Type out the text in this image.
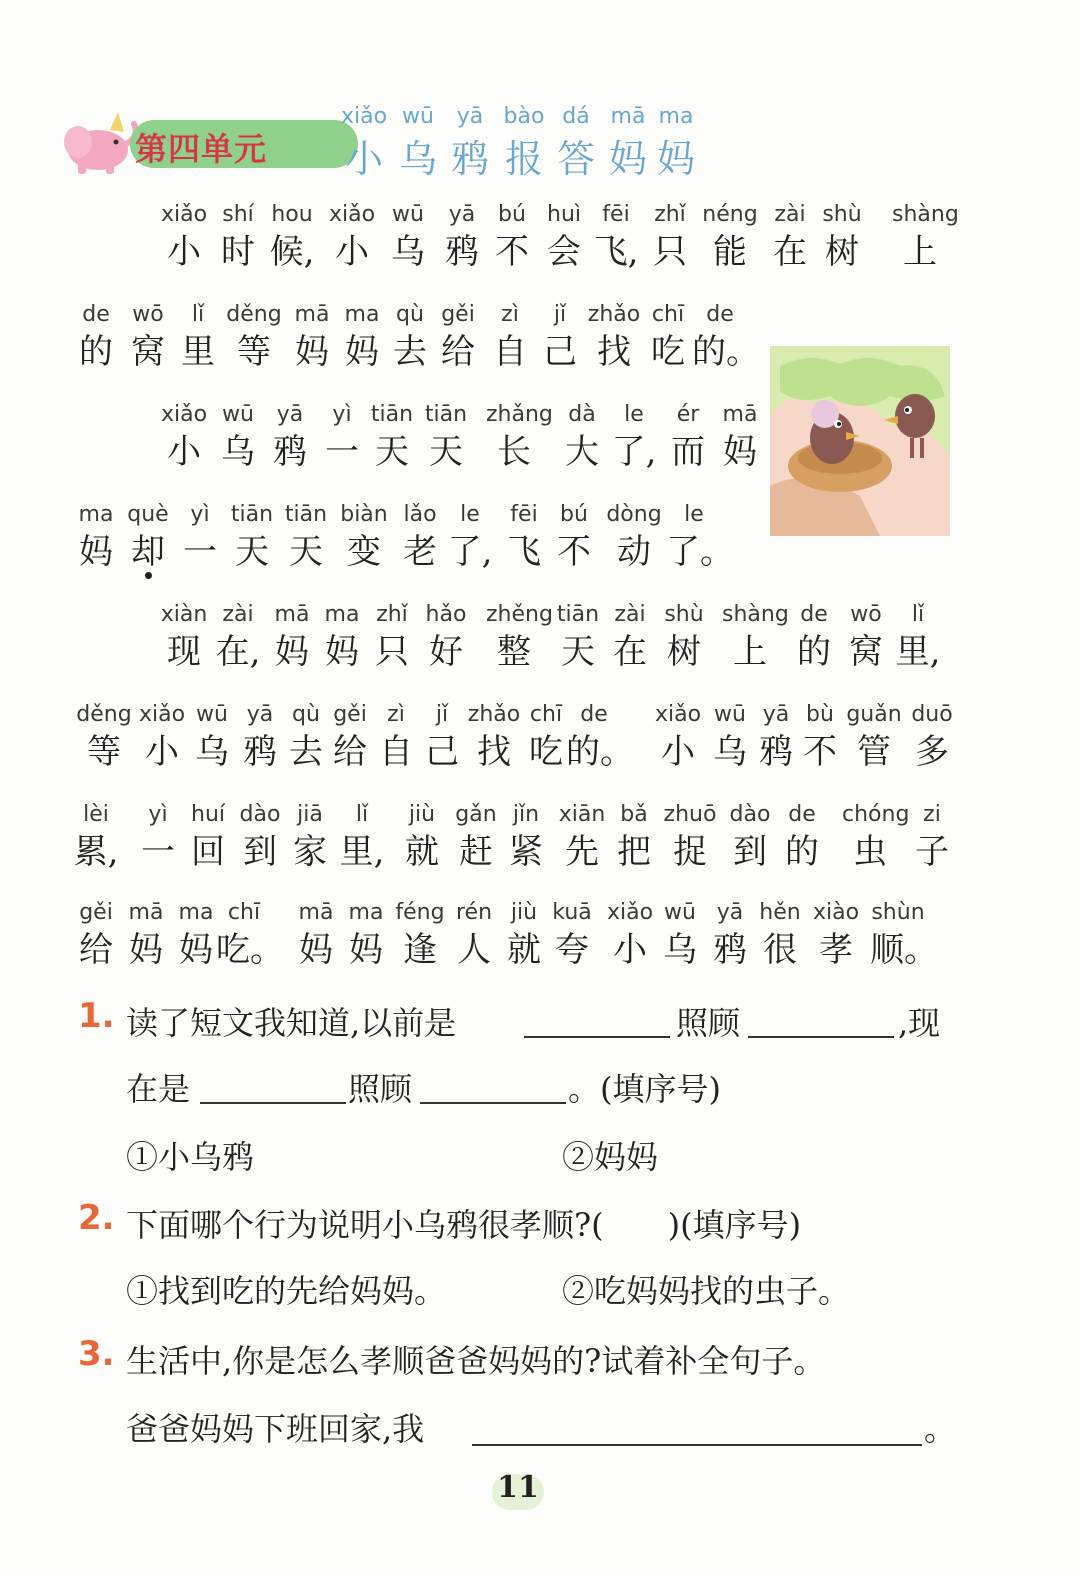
第四单元
xiǎo
小
wū
乌
yā
鸦
bào
报
dá
答
mā
妈
ma
妈
xiǎo
小
shí
时
hou
候,
xiǎo
小
wū
乌
yā
鸦
bú
不
huì
会
fēi
飞,
zhǐ
只
néng
能
zài
在
shù
树
shàng
上
de
的
wō
窝
lǐ
里
děng
等
mā
妈
ma
妈
qù
去
gěi
给
zì
自
jǐ
己
zhǎo
找
chī
吃
de
的。
xiǎo
小
wū
乌
yā
鸦
yì
一
tiān
天
tiān
天
zhǎng
长
dà
大
le
了,
ér
而
mā
妈
ma
妈
què
却
yì
一
tiān
天
tiān
天
biàn
变
lǎo
老
le
了,
fēi
飞
bú
不
dòng
动
le
了。
xiàn
现
zài
在,
mā
妈
ma
妈
zhǐ
只
hǎo
好
zhěng
整
tiān
天
zài
在
shù
树
shàng
上
de
的
wō
窝
lǐ
里,
děng
等
xiǎo
小
wū
乌
yā
鸦
qù
去
gěi
给
zì
自
jǐ
己
zhǎo
找
chī
吃
de
的。
xiǎo
小
wū
乌
yā
鸦
bù
不
guǎn
管
duō
多
lèi
累,
yì
一
huí
回
dào
到
jiā
家
lǐ
里,
jiù
就
gǎn
赶
jǐn
紧
xiān
先
bǎ
把
zhuō
捉
dào
到
de
的
chóng
虫
zi
子
gěi
给
mā
妈
ma
妈
chī
吃。
mā
妈
ma
妈
féng
逢
rén
人
jiù
就
kuā
夸
xiǎo
小
wū
乌
yā
鸦
hěn
很
xiào
孝
shùn
顺。
1. 读了短文我知道,以前是	照顾	,现
在是	照顾	。(填序号)
①小乌鸦	②妈妈
2. 下面哪个行为说明小乌鸦很孝顺?(　　)(填序号)
①找到吃的先给妈妈。	②吃妈妈找的虫子。
3. 生活中,你是怎么孝顺爸爸妈妈的?试着补全句子。
爸爸妈妈下班回家,我	。
11
